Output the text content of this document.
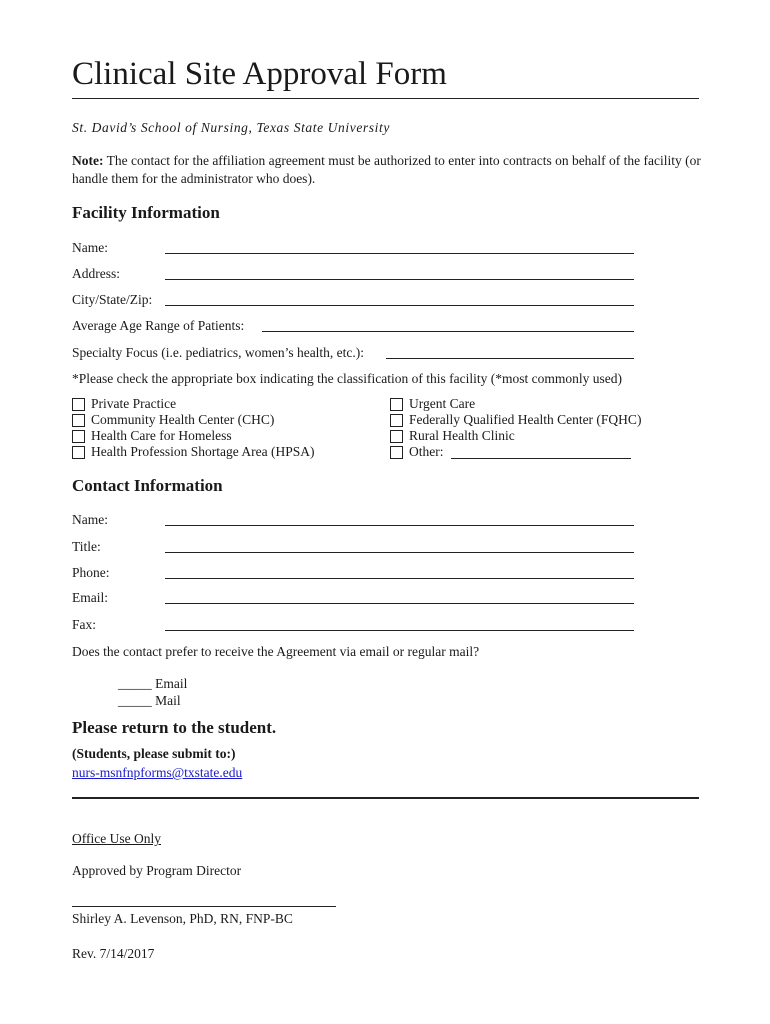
Clinical Site Approval Form
St. David’s School of Nursing, Texas State University
Note: The contact for the affiliation agreement must be authorized to enter into contracts on behalf of the facility (or handle them for the administrator who does).
Facility Information
Name:
Address:
City/State/Zip:
Average Age Range of Patients:
Specialty Focus (i.e. pediatrics, women’s health, etc.):
*Please check the appropriate box indicating the classification of this facility (*most commonly used)
Private Practice
Community Health Center (CHC)
Health Care for Homeless
Health Profession Shortage Area (HPSA)
Urgent Care
Federally Qualified Health Center (FQHC)
Rural Health Clinic
Other:
Contact Information
Name:
Title:
Phone:
Email:
Fax:
Does the contact prefer to receive the Agreement via email or regular mail?
_____ Email
_____ Mail
Please return to the student.
(Students, please submit to:)
nurs-msnfnpforms@txstate.edu
Office Use Only
Approved by Program Director
Shirley A. Levenson, PhD, RN, FNP-BC
Rev. 7/14/2017
